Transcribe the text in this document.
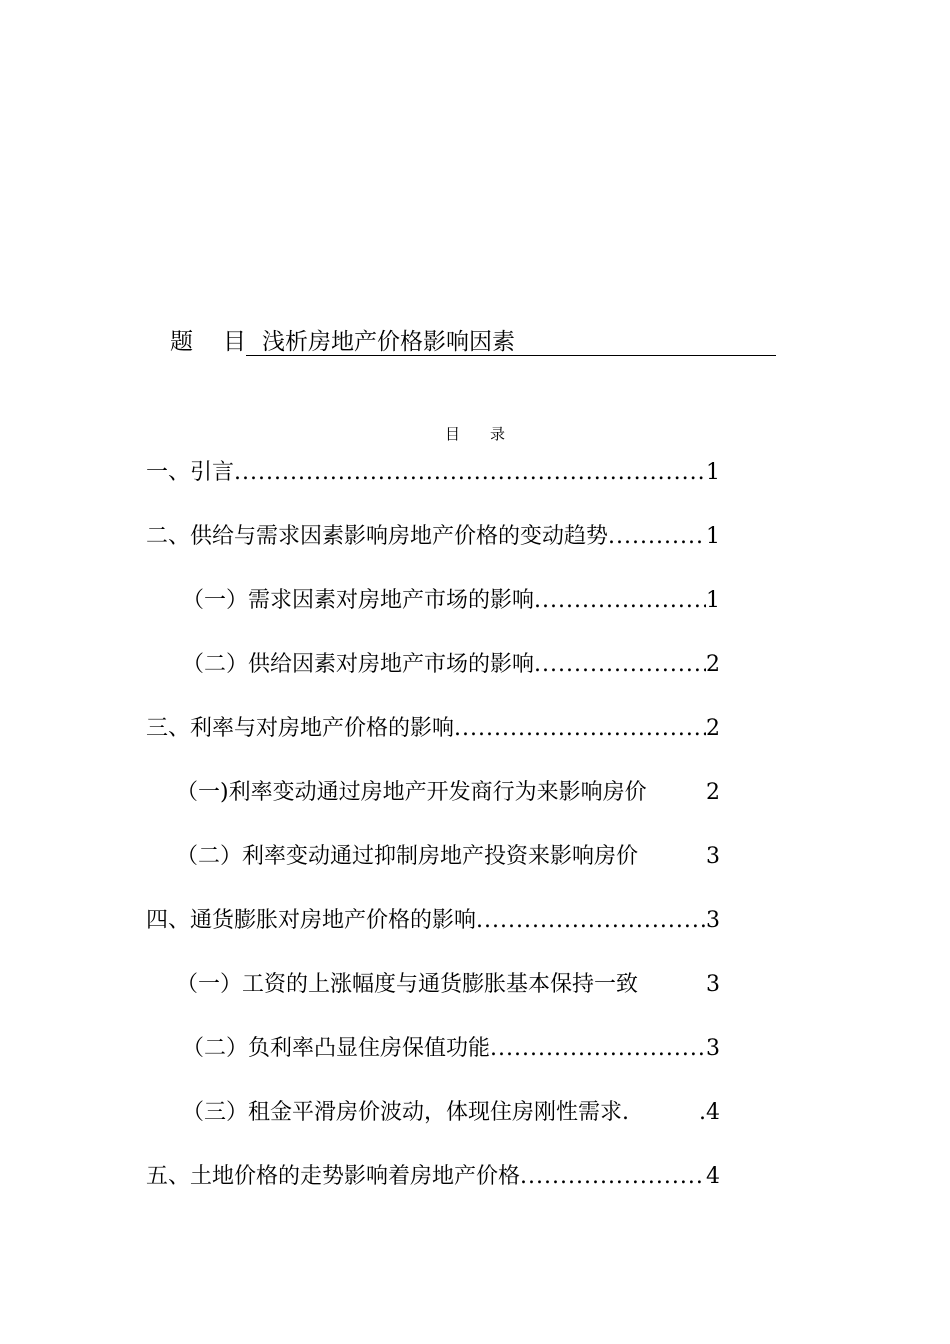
题目
浅析房地产价格影响因素
目录
一、引言 .....	1
二、供给与需求因素影响房地产价格的变动趋势 .....	1
（一）需求因素对房地产市场的影响 .....	1
（二）供给因素对房地产市场的影响 .....	2
三、利率与对房地产价格的影响 .....	2
（一)利率变动通过房地产开发商行为来影响房价	2
（二）利率变动通过抑制房地产投资来影响房价	3
四、通货膨胀对房地产价格的影响 .....	3
（一）工资的上涨幅度与通货膨胀基本保持一致	3
（二）负利率凸显住房保值功能 .....	3
（三）租金平滑房价波动，体现住房刚性需求.	.4
五、土地价格的走势影响着房地产价格 .....	4
